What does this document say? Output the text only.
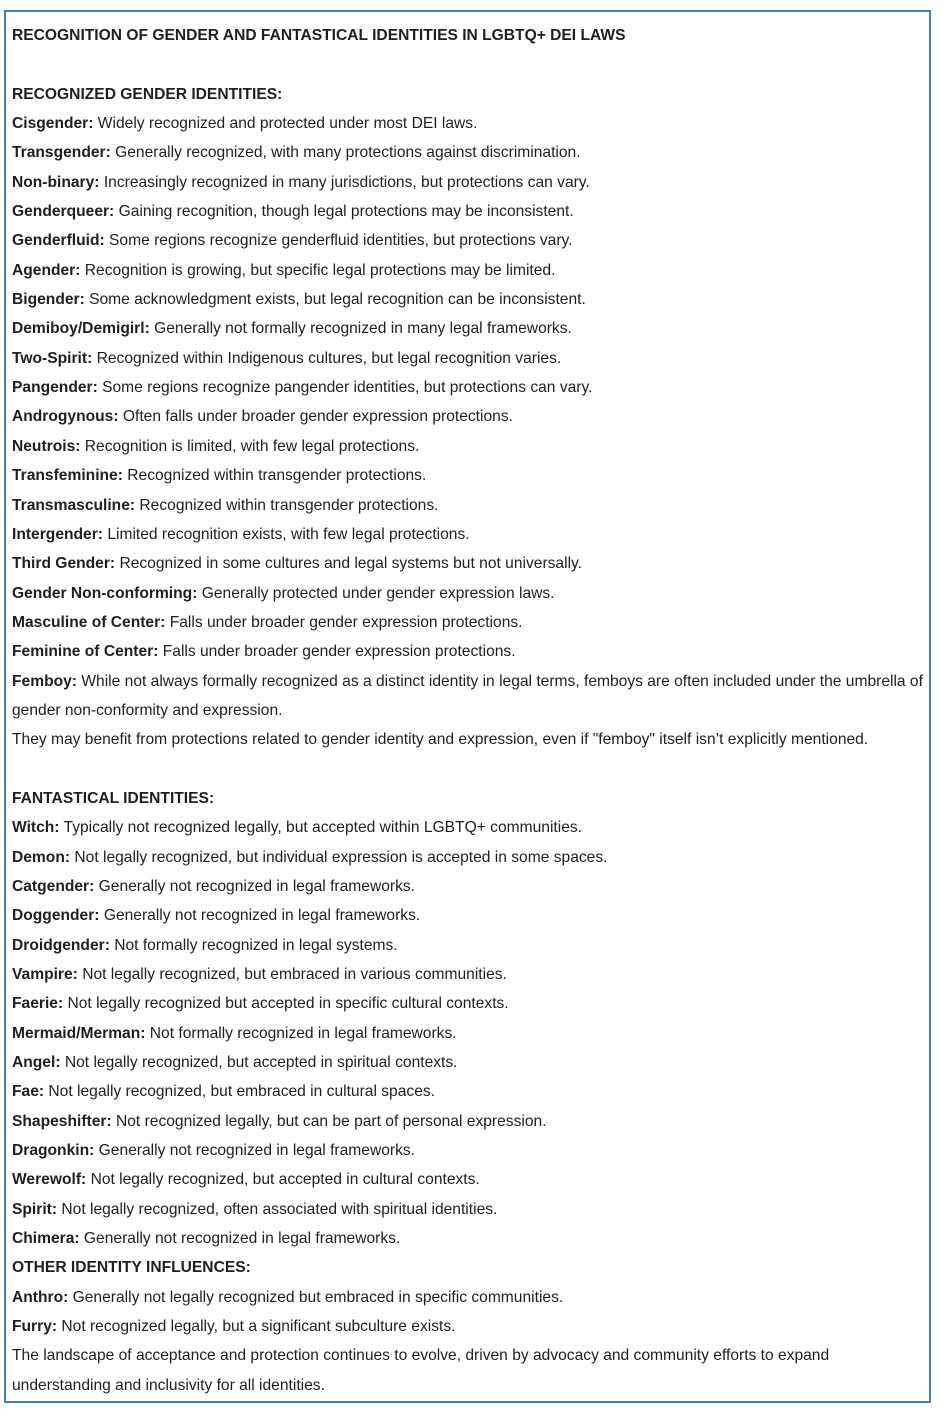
RECOGNITION OF GENDER AND FANTASTICAL IDENTITIES IN LGBTQ+ DEI LAWS

RECOGNIZED GENDER IDENTITIES:

Cisgender: Widely recognized and protected under most DEI laws.

Transgender: Generally recognized, with many protections against discrimination.

Non-binary: Increasingly recognized in many jurisdictions, but protections can vary.

Genderqueer: Gaining recognition, though legal protections may be inconsistent.

Genderfluid: Some regions recognize genderfluid identities, but protections vary.

Agender: Recognition is growing, but specific legal protections may be limited.

Bigender: Some acknowledgment exists, but legal recognition can be inconsistent.

Demiboy/Demigirl: Generally not formally recognized in many legal frameworks.

Two-Spirit: Recognized within Indigenous cultures, but legal recognition varies.

Pangender: Some regions recognize pangender identities, but protections can vary.

Androgynous: Often falls under broader gender expression protections.

Neutrois: Recognition is limited, with few legal protections.

Transfeminine: Recognized within transgender protections.

Transmasculine: Recognized within transgender protections.

Intergender: Limited recognition exists, with few legal protections.

Third Gender: Recognized in some cultures and legal systems but not universally.

Gender Non-conforming: Generally protected under gender expression laws.

Masculine of Center: Falls under broader gender expression protections.

Feminine of Center: Falls under broader gender expression protections.

Femboy: While not always formally recognized as a distinct identity in legal terms, femboys are often included under the umbrella of gender non-conformity and expression.

They may benefit from protections related to gender identity and expression, even if "femboy" itself isn’t explicitly mentioned.

FANTASTICAL IDENTITIES:

Witch: Typically not recognized legally, but accepted within LGBTQ+ communities.

Demon: Not legally recognized, but individual expression is accepted in some spaces.

Catgender: Generally not recognized in legal frameworks.

Doggender: Generally not recognized in legal frameworks.

Droidgender: Not formally recognized in legal systems.

Vampire: Not legally recognized, but embraced in various communities.

Faerie: Not legally recognized but accepted in specific cultural contexts.

Mermaid/Merman: Not formally recognized in legal frameworks.

Angel: Not legally recognized, but accepted in spiritual contexts.

Fae: Not legally recognized, but embraced in cultural spaces.

Shapeshifter: Not recognized legally, but can be part of personal expression.

Dragonkin: Generally not recognized in legal frameworks.

Werewolf: Not legally recognized, but accepted in cultural contexts.

Spirit: Not legally recognized, often associated with spiritual identities.

Chimera: Generally not recognized in legal frameworks.

OTHER IDENTITY INFLUENCES:

Anthro: Generally not legally recognized but embraced in specific communities.

Furry: Not recognized legally, but a significant subculture exists.

The landscape of acceptance and protection continues to evolve, driven by advocacy and community efforts to expand understanding and inclusivity for all identities.
